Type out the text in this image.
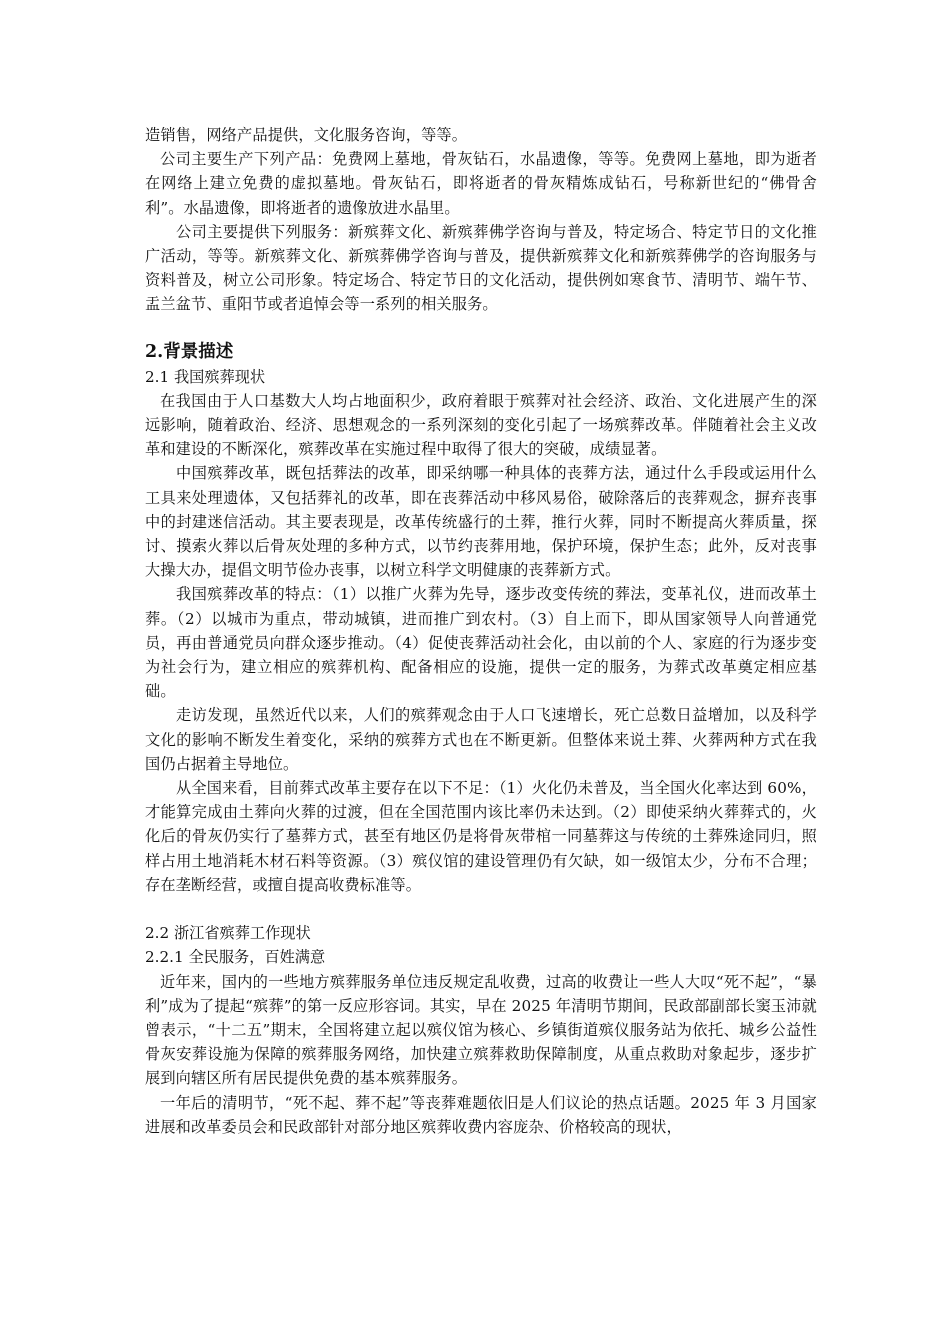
造销售，网络产品提供，文化服务咨询，等等。

公司主要生产下列产品：免费网上墓地，骨灰钻石，水晶遗像，等等。免费网上墓地，即为逝者在网络上建立免费的虚拟墓地。骨灰钻石，即将逝者的骨灰精炼成钻石，号称新世纪的“佛骨舍利”。水晶遗像，即将逝者的遗像放进水晶里。

公司主要提供下列服务：新殡葬文化、新殡葬佛学咨询与普及，特定场合、特定节日的文化推广活动，等等。新殡葬文化、新殡葬佛学咨询与普及，提供新殡葬文化和新殡葬佛学的咨询服务与资料普及，树立公司形象。特定场合、特定节日的文化活动，提供例如寒食节、清明节、端午节、盂兰盆节、重阳节或者追悼会等一系列的相关服务。

2.背景描述
2.1 我国殡葬现状

在我国由于人口基数大人均占地面积少，政府着眼于殡葬对社会经济、政治、文化进展产生的深远影响，随着政治、经济、思想观念的一系列深刻的变化引起了一场殡葬改革。伴随着社会主义改革和建设的不断深化，殡葬改革在实施过程中取得了很大的突破，成绩显著。

中国殡葬改革，既包括葬法的改革，即采纳哪一种具体的丧葬方法，通过什么手段或运用什么工具来处理遗体，又包括葬礼的改革，即在丧葬活动中移风易俗，破除落后的丧葬观念，摒弃丧事中的封建迷信活动。其主要表现是，改革传统盛行的土葬，推行火葬，同时不断提高火葬质量，探讨、摸索火葬以后骨灰处理的多种方式，以节约丧葬用地，保护环境，保护生态；此外，反对丧事大操大办，提倡文明节俭办丧事，以树立科学文明健康的丧葬新方式。

我国殡葬改革的特点：（1）以推广火葬为先导，逐步改变传统的葬法，变革礼仪，进而改革土葬。（2）以城市为重点，带动城镇，进而推广到农村。（3）自上而下，即从国家领导人向普通党员，再由普通党员向群众逐步推动。（4）促使丧葬活动社会化，由以前的个人、家庭的行为逐步变为社会行为，建立相应的殡葬机构、配备相应的设施，提供一定的服务，为葬式改革奠定相应基础。

走访发现，虽然近代以来，人们的殡葬观念由于人口飞速增长，死亡总数日益增加，以及科学文化的影响不断发生着变化，采纳的殡葬方式也在不断更新。但整体来说土葬、火葬两种方式在我国仍占据着主导地位。

从全国来看，目前葬式改革主要存在以下不足：（1）火化仍未普及，当全国火化率达到 60%，才能算完成由土葬向火葬的过渡，但在全国范围内该比率仍未达到。（2）即使采纳火葬葬式的，火化后的骨灰仍实行了墓葬方式，甚至有地区仍是将骨灰带棺一同墓葬这与传统的土葬殊途同归，照样占用土地消耗木材石料等资源。（3）殡仪馆的建设管理仍有欠缺，如一级馆太少，分布不合理；存在垄断经营，或擅自提高收费标准等。

2.2 浙江省殡葬工作现状
2.2.1 全民服务，百姓满意

近年来，国内的一些地方殡葬服务单位违反规定乱收费，过高的收费让一些人大叹“死不起”，“暴利”成为了提起“殡葬”的第一反应形容词。其实，早在 2025 年清明节期间，民政部副部长窦玉沛就曾表示，“十二五”期末，全国将建立起以殡仪馆为核心、乡镇街道殡仪服务站为依托、城乡公益性骨灰安葬设施为保障的殡葬服务网络，加快建立殡葬救助保障制度，从重点救助对象起步，逐步扩展到向辖区所有居民提供免费的基本殡葬服务。

一年后的清明节，“死不起、葬不起”等丧葬难题依旧是人们议论的热点话题。2025 年 3 月国家进展和改革委员会和民政部针对部分地区殡葬收费内容庞杂、价格较高的现状，
